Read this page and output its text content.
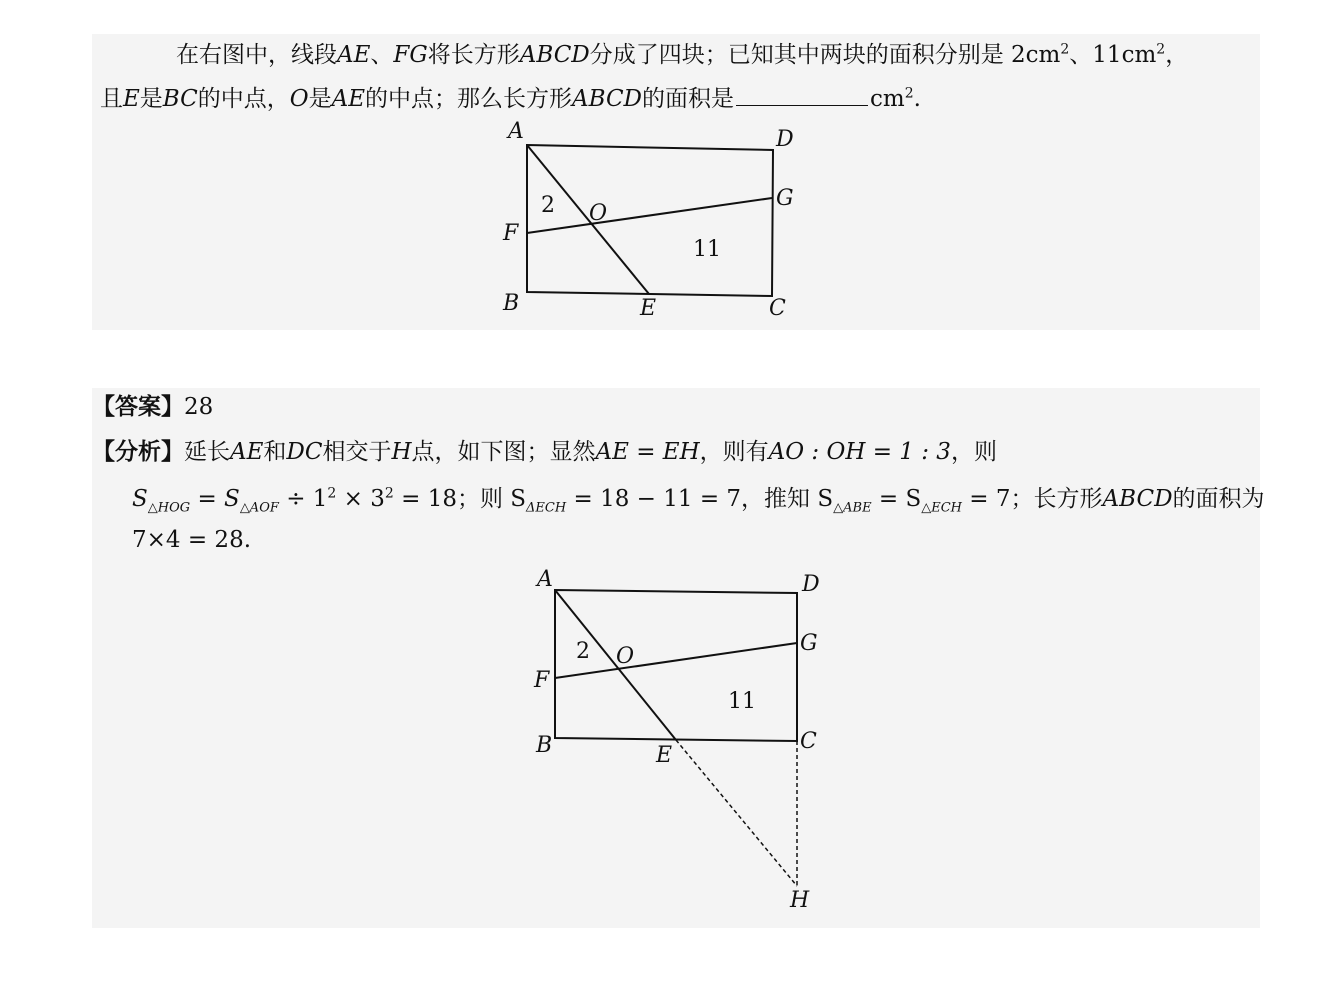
在右图中，线段AE、FG将长方形ABCD分成了四块；已知其中两块的面积分别是 $2cm^2$、$11cm^2$，
且E是BC的中点，O是AE的中点；那么长方形ABCD的面积是	$cm^2$.
A	D
G
F
O
B	E	C
2
11
【答案】28
【分析】延长AE和DC相交于H点，如下图；显然AE = EH，则有AO : OH = 1 : 3，则
$S_{\triangle HOG} = S_{\triangle AOF} \div 1^2 \times 3^2 = 18$；则 $S_{\Delta ECH} = 18 - 11 = 7$，推知 $S_{\triangle ABE} = S_{\triangle ECH} = 7$；长方形ABCD的面积为
7×4 = 28.
A	D
G
F
O
B	E
C
H
2
11
